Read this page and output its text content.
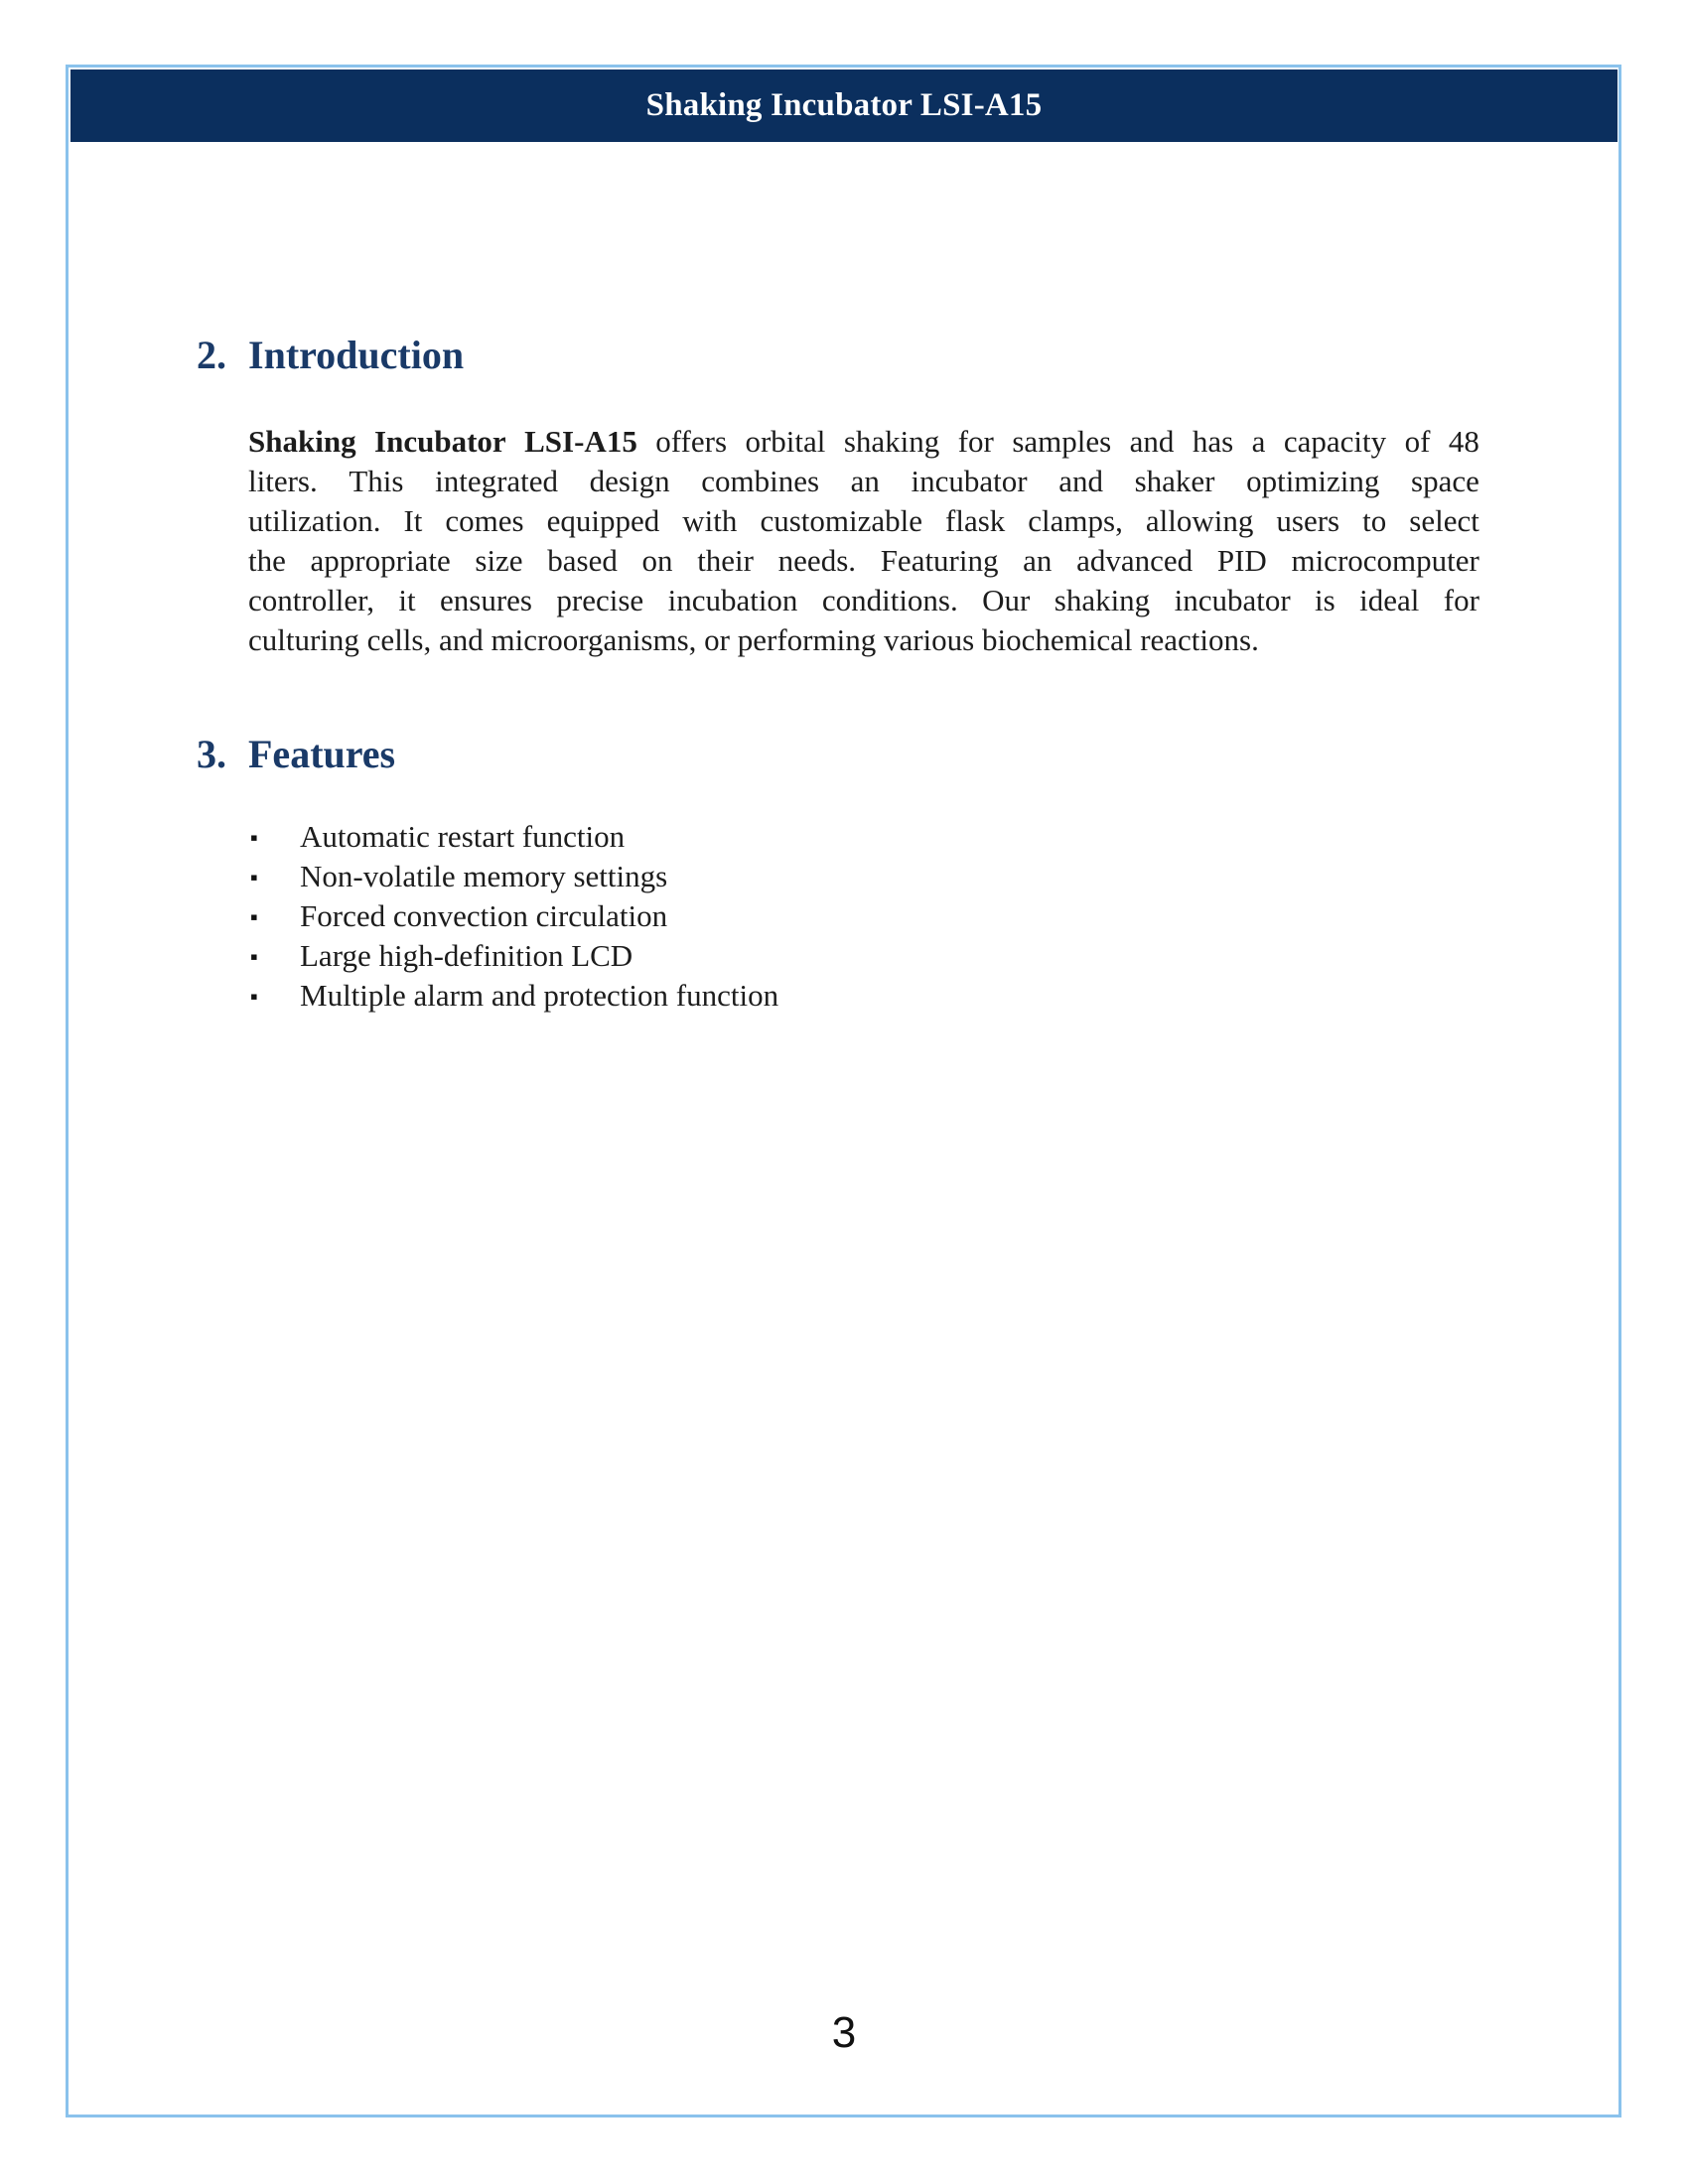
Shaking Incubator LSI-A15
2. Introduction
Shaking Incubator LSI-A15 offers orbital shaking for samples and has a capacity of 48
liters. This integrated design combines an incubator and shaker optimizing space
utilization. It comes equipped with customizable flask clamps, allowing users to select
the appropriate size based on their needs. Featuring an advanced PID microcomputer
controller, it ensures precise incubation conditions. Our shaking incubator is ideal for
culturing cells, and microorganisms, or performing various biochemical reactions.
3. Features
▪ Automatic restart function
▪ Non-volatile memory settings
▪ Forced convection circulation
▪ Large high-definition LCD
▪ Multiple alarm and protection function
3
